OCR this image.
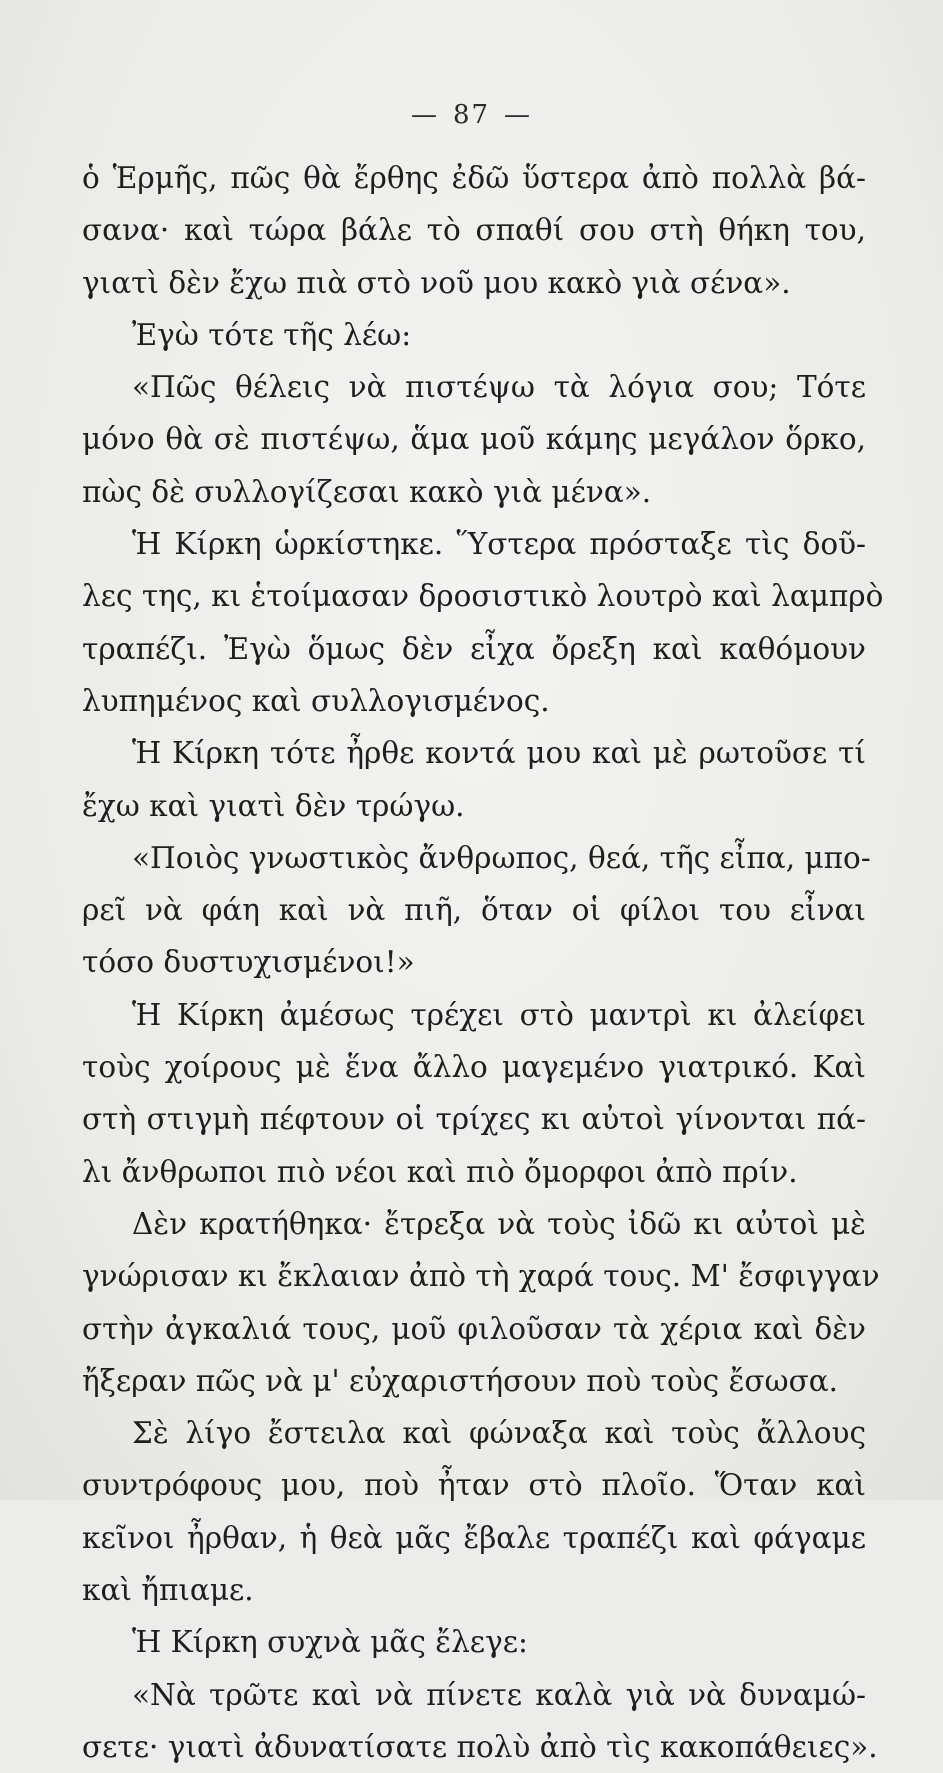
— 87 —
ὁ Ἑρμῆς, πῶς θὰ ἔρθης ἐδῶ ὕστερα ἀπὸ πολλὰ βά-
σανα· καὶ τώρα βάλε τὸ σπαθί σου στὴ θήκη του,
γιατὶ δὲν ἔχω πιὰ στὸ νοῦ μου κακὸ γιὰ σένα».
Ἐγὼ τότε τῆς λέω:
«Πῶς θέλεις νὰ πιστέψω τὰ λόγια σου; Τότε
μόνο θὰ σὲ πιστέψω, ἅμα μοῦ κάμης μεγάλον ὅρκο,
πὼς δὲ συλλογίζεσαι κακὸ γιὰ μένα».
Ἡ Κίρκη ὡρκίστηκε. Ὕστερα πρόσταξε τὶς δοῦ-
λες της, κι ἑτοίμασαν δροσιστικὸ λουτρὸ καὶ λαμπρὸ
τραπέζι. Ἐγὼ ὅμως δὲν εἶχα ὄρεξη καὶ καθόμουν
λυπημένος καὶ συλλογισμένος.
Ἡ Κίρκη τότε ἦρθε κοντά μου καὶ μὲ ρωτοῦσε τί
ἔχω καὶ γιατὶ δὲν τρώγω.
«Ποιὸς γνωστικὸς ἄνθρωπος, θεά, τῆς εἶπα, μπο-
ρεῖ νὰ φάη καὶ νὰ πιῆ, ὅταν οἱ φίλοι του εἶναι
τόσο δυστυχισμένοι!»
Ἡ Κίρκη ἀμέσως τρέχει στὸ μαντρὶ κι ἀλείφει
τοὺς χοίρους μὲ ἕνα ἄλλο μαγεμένο γιατρικό. Καὶ
στὴ στιγμὴ πέφτουν οἱ τρίχες κι αὐτοὶ γίνονται πά-
λι ἄνθρωποι πιὸ νέοι καὶ πιὸ ὄμορφοι ἀπὸ πρίν.
Δὲν κρατήθηκα· ἔτρεξα νὰ τοὺς ἰδῶ κι αὐτοὶ μὲ
γνώρισαν κι ἔκλαιαν ἀπὸ τὴ χαρά τους. Μ' ἔσφιγγαν
στὴν ἀγκαλιά τους, μοῦ φιλοῦσαν τὰ χέρια καὶ δὲν
ἤξεραν πῶς νὰ μ' εὐχαριστήσουν ποὺ τοὺς ἔσωσα.
Σὲ λίγο ἔστειλα καὶ φώναξα καὶ τοὺς ἄλλους
συντρόφους μου, ποὺ ἦταν στὸ πλοῖο. Ὅταν καὶ
κεῖνοι ἦρθαν, ἡ θεὰ μᾶς ἔβαλε τραπέζι καὶ φάγαμε
καὶ ἤπιαμε.
Ἡ Κίρκη συχνὰ μᾶς ἔλεγε:
«Νὰ τρῶτε καὶ νὰ πίνετε καλὰ γιὰ νὰ δυναμώ-
σετε· γιατὶ ἀδυνατίσατε πολὺ ἀπὸ τὶς κακοπάθειες».
